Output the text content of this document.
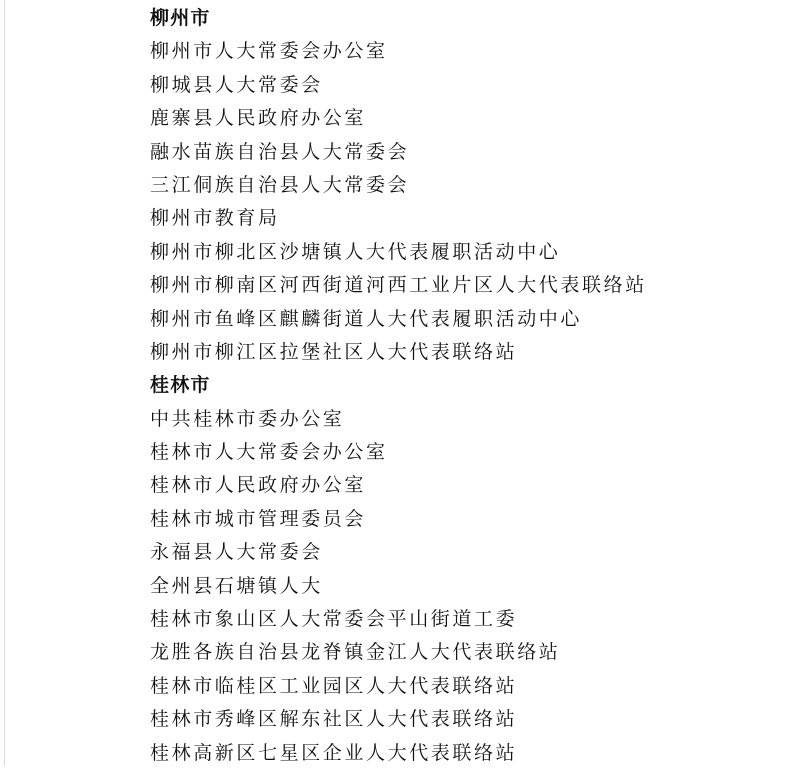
柳州市
柳州市人大常委会办公室
柳城县人大常委会
鹿寨县人民政府办公室
融水苗族自治县人大常委会
三江侗族自治县人大常委会
柳州市教育局
柳州市柳北区沙塘镇人大代表履职活动中心
柳州市柳南区河西街道河西工业片区人大代表联络站
柳州市鱼峰区麒麟街道人大代表履职活动中心
柳州市柳江区拉堡社区人大代表联络站
桂林市
中共桂林市委办公室
桂林市人大常委会办公室
桂林市人民政府办公室
桂林市城市管理委员会
永福县人大常委会
全州县石塘镇人大
桂林市象山区人大常委会平山街道工委
龙胜各族自治县龙脊镇金江人大代表联络站
桂林市临桂区工业园区人大代表联络站
桂林市秀峰区解东社区人大代表联络站
桂林高新区七星区企业人大代表联络站
